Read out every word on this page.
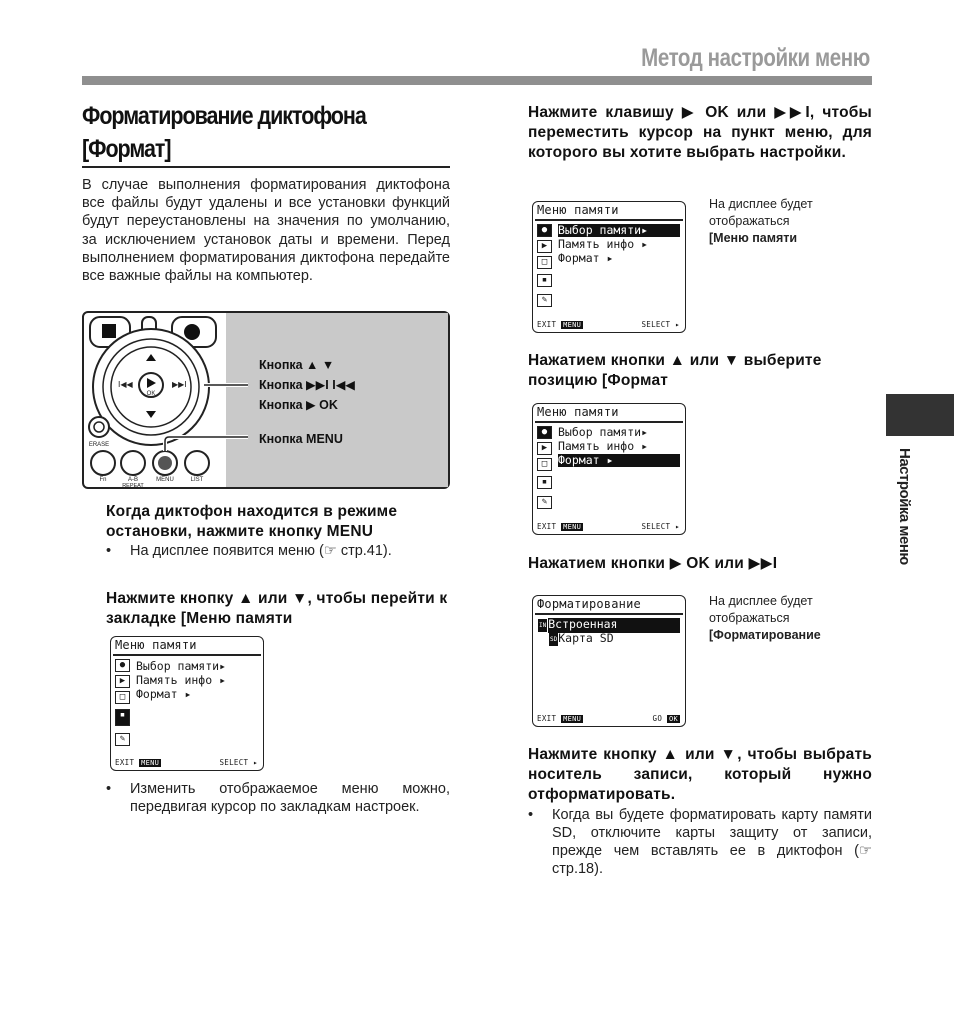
Метод настройки меню
Форматирование диктофона
[Формат]
В случае выполнения форматирования диктофона все файлы будут удалены и все установки функций будут переустановлены на значения по умолчанию, за исключением установок даты и времени. Перед выполнением форматирования диктофона передайте все важные файлы на компьютер.
OK
I◀◀	▶▶I
ERASE
Fn	A-B
REPEAT
MENU	LIST
Кнопка ▲ ▼
Кнопка ▶▶I I◀◀
Кнопка ▶ OK
Кнопка MENU
Когда диктофон находится в режиме остановки, нажмите кнопку MENU
•	На дисплее появится меню (☞ стр.41).
Нажмите кнопку ▲ или ▼, чтобы перейти к закладке [Меню памяти
Меню памяти
●
▶
□
▪
✎
Выбор памяти▸
Память инфо ▸
Формат ▸
EXIT MENU	SELECT ▸
•	Изменить отображаемое меню можно, передвигая курсор по закладкам настроек.
Нажмите клавишу ▶ OK или ▶▶I, чтобы переместить курсор на пункт меню, для которого вы хотите выбрать настройки.
Меню памяти
●
▶
□
▪
✎
Выбор памяти▸
Память инфо ▸
Формат ▸
EXIT MENU	SELECT ▸
На дисплее будет
отображаться
[Меню памяти
Нажатием кнопки ▲ или ▼ выберите позицию [Формат
Меню памяти
●
▶
□
▪
✎
Выбор памяти▸
Память инфо ▸
Формат ▸
EXIT MENU	SELECT ▸
Нажатием кнопки ▶ OK или ▶▶I
Форматирование
IN Встроенная
SDКарта SD
EXIT MENU	GO OK
На дисплее будет
отображаться
[Форматирование
Нажмите кнопку ▲ или ▼, чтобы выбрать носитель записи, который нужно отформатировать.
•	Когда вы будете форматировать карту памяти SD, отключите карты защиту от записи, прежде чем вставлять ее в диктофон (☞ стр.18).
Настройка меню
